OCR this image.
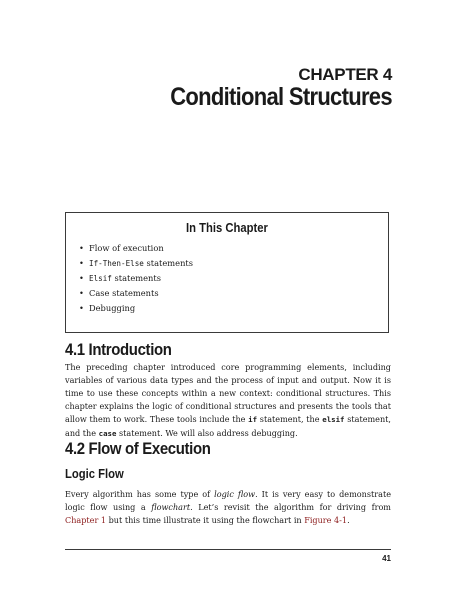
CHAPTER 4
Conditional Structures
In This Chapter
• Flow of execution
• If-Then-Else statements
• Elsif statements
• Case statements
• Debugging
4.1 Introduction

The preceding chapter introduced core programming elements, including variables of various data types and the process of input and output. Now it is time to use these concepts within a new context: conditional structures. This chapter explains the logic of conditional structures and presents the tools that allow them to work. These tools include the if statement, the elsif statement, and the case statement. We will also address debugging.

4.2 Flow of Execution
Logic Flow

Every algorithm has some type of logic flow. It is very easy to demonstrate logic flow using a flowchart. Let’s revisit the algorithm for driving from Chapter 1 but this time illustrate it using the flowchart in Figure 4-1.

41
